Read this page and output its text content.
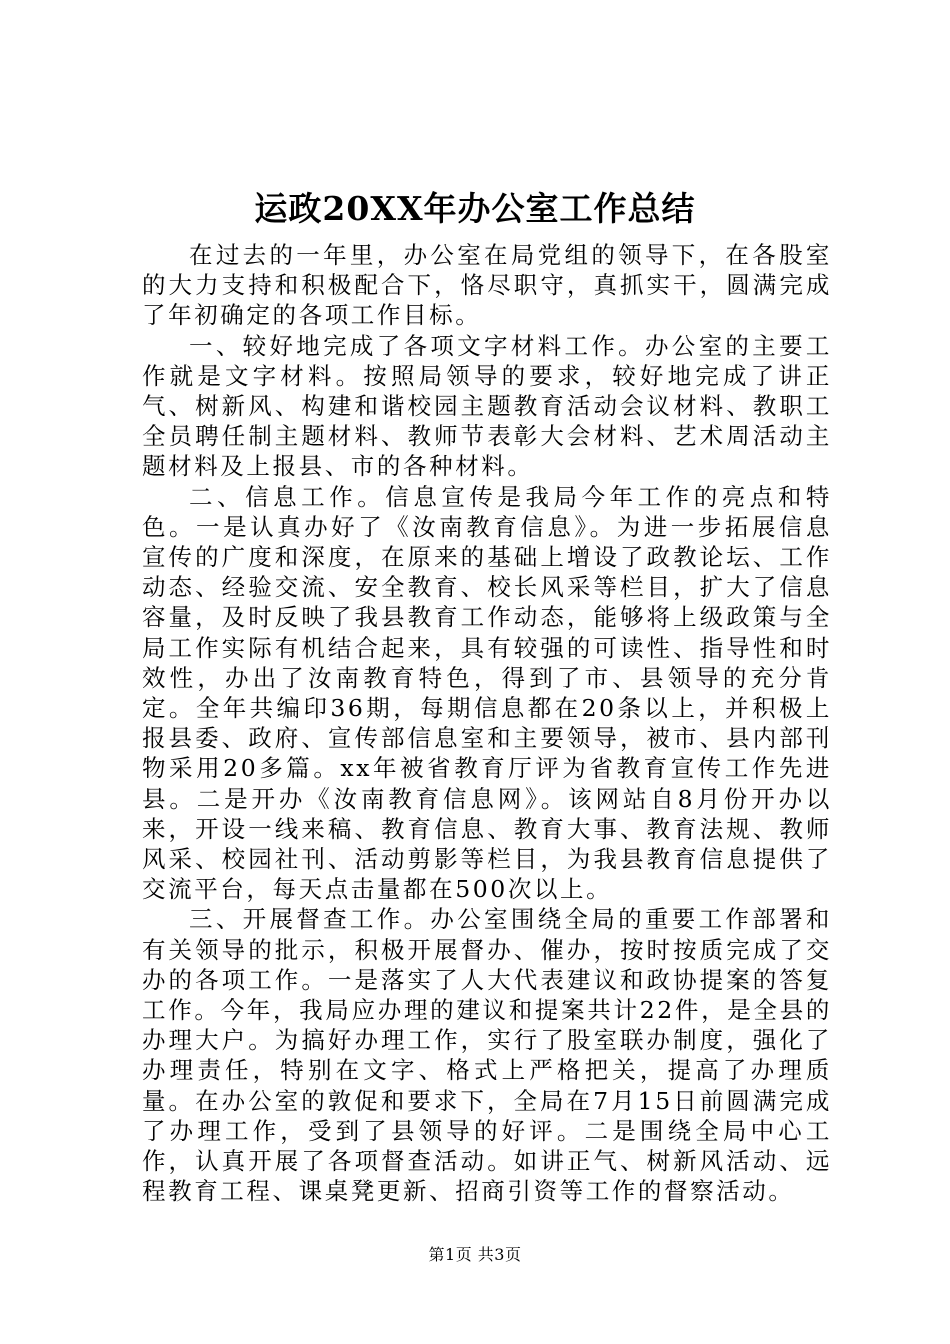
运政20XX年办公室工作总结

在过去的一年里，办公室在局党组的领导下，在各股室的大力支持和积极配合下，恪尽职守，真抓实干，圆满完成了年初确定的各项工作目标。

一、较好地完成了各项文字材料工作。办公室的主要工作就是文字材料。按照局领导的要求，较好地完成了讲正气、树新风、构建和谐校园主题教育活动会议材料、教职工全员聘任制主题材料、教师节表彰大会材料、艺术周活动主题材料及上报县、市的各种材料。

二、信息工作。信息宣传是我局今年工作的亮点和特色。一是认真办好了《汝南教育信息》。为进一步拓展信息宣传的广度和深度，在原来的基础上增设了政教论坛、工作动态、经验交流、安全教育、校长风采等栏目，扩大了信息容量，及时反映了我县教育工作动态，能够将上级政策与全局工作实际有机结合起来，具有较强的可读性、指导性和时效性，办出了汝南教育特色，得到了市、县领导的充分肯定。全年共编印36期，每期信息都在20条以上，并积极上报县委、政府、宣传部信息室和主要领导，被市、县内部刊物采用20多篇。xx年被省教育厅评为省教育宣传工作先进县。二是开办《汝南教育信息网》。该网站自8月份开办以来，开设一线来稿、教育信息、教育大事、教育法规、教师风采、校园社刊、活动剪影等栏目，为我县教育信息提供了交流平台，每天点击量都在500次以上。

三、开展督查工作。办公室围绕全局的重要工作部署和有关领导的批示，积极开展督办、催办，按时按质完成了交办的各项工作。一是落实了人大代表建议和政协提案的答复工作。今年，我局应办理的建议和提案共计22件，是全县的办理大户。为搞好办理工作，实行了股室联办制度，强化了办理责任，特别在文字、格式上严格把关，提高了办理质量。在办公室的敦促和要求下，全局在7月15日前圆满完成了办理工作，受到了县领导的好评。二是围绕全局中心工作，认真开展了各项督查活动。如讲正气、树新风活动、远程教育工程、课桌凳更新、招商引资等工作的督察活动。

第1页 共3页
